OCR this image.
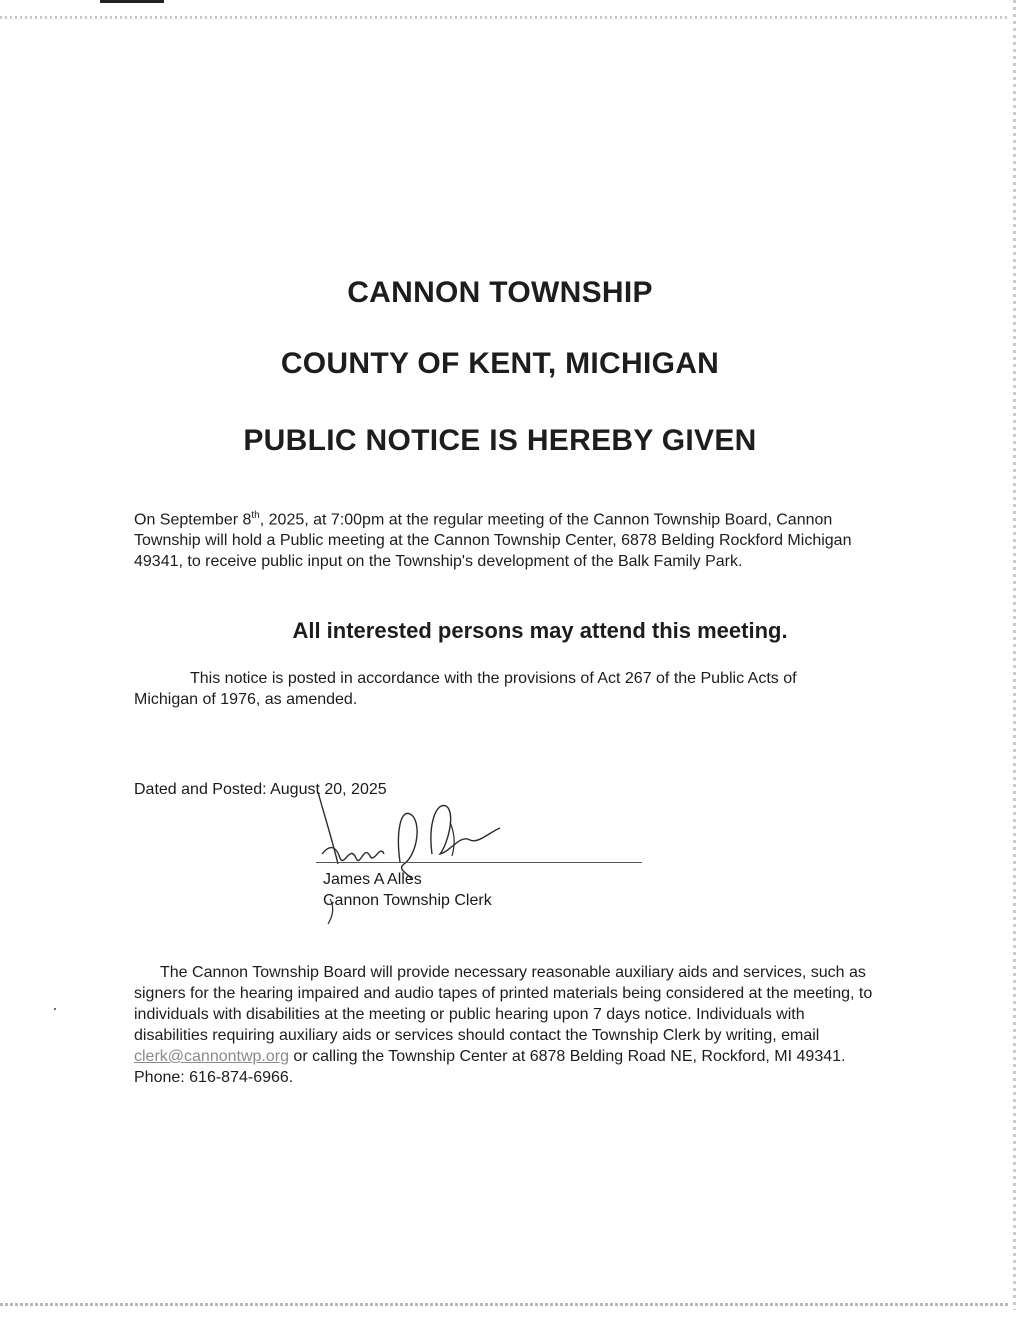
CANNON TOWNSHIP
COUNTY OF KENT, MICHIGAN
PUBLIC NOTICE IS HEREBY GIVEN

On September 8th, 2025, at 7:00pm at the regular meeting of the Cannon Township Board, Cannon Township will hold a Public meeting at the Cannon Township Center, 6878 Belding Rockford Michigan 49341, to receive public input on the Township's development of the Balk Family Park.

All interested persons may attend this meeting.

This notice is posted in accordance with the provisions of Act 267 of the Public Acts of Michigan of 1976, as amended.

Dated and Posted: August 20, 2025
James A Alles
Cannon Township Clerk

The Cannon Township Board will provide necessary reasonable auxiliary aids and services, such as signers for the hearing impaired and audio tapes of printed materials being considered at the meeting, to individuals with disabilities at the meeting or public hearing upon 7 days notice. Individuals with disabilities requiring auxiliary aids or services should contact the Township Clerk by writing, email clerk@cannontwp.org or calling the Township Center at 6878 Belding Road NE, Rockford, MI 49341. Phone: 616-874-6966.
